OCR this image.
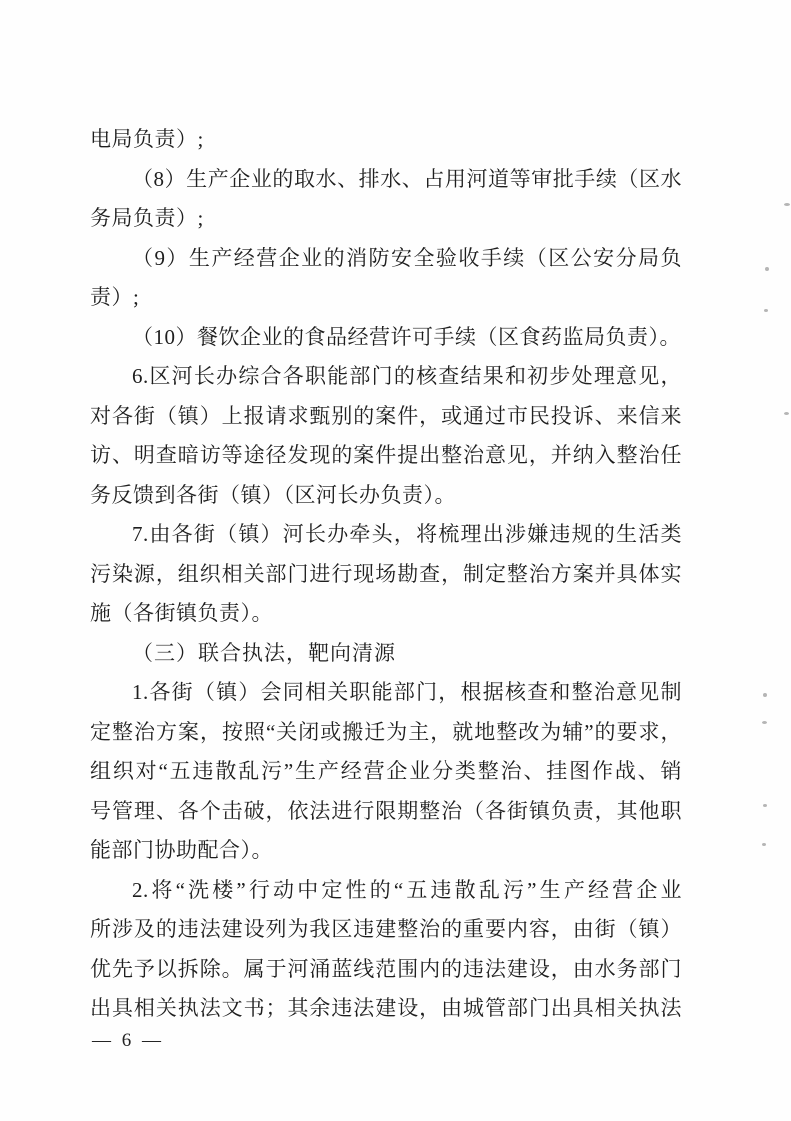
电局负责）;

（8）生产企业的取水、排水、占用河道等审批手续（区水

务局负责）;

（9）生产经营企业的消防安全验收手续（区公安分局负

责）;

（10）餐饮企业的食品经营许可手续（区食药监局负责）。

6.区河长办综合各职能部门的核查结果和初步处理意见，

对各街（镇）上报请求甄别的案件，或通过市民投诉、来信来

访、明查暗访等途径发现的案件提出整治意见，并纳入整治任

务反馈到各街（镇）（区河长办负责）。

7.由各街（镇）河长办牵头，将梳理出涉嫌违规的生活类

污染源，组织相关部门进行现场勘查，制定整治方案并具体实

施（各街镇负责）。

（三）联合执法，靶向清源

1.各街（镇）会同相关职能部门，根据核查和整治意见制

定整治方案，按照“关闭或搬迁为主，就地整改为辅”的要求，

组织对“五违散乱污”生产经营企业分类整治、挂图作战、销

号管理、各个击破，依法进行限期整治（各街镇负责，其他职

能部门协助配合）。

2.将“洗楼”行动中定性的“五违散乱污”生产经营企业

所涉及的违法建设列为我区违建整治的重要内容，由街（镇）

优先予以拆除。属于河涌蓝线范围内的违法建设，由水务部门

出具相关执法文书；其余违法建设，由城管部门出具相关执法

— 6 —
